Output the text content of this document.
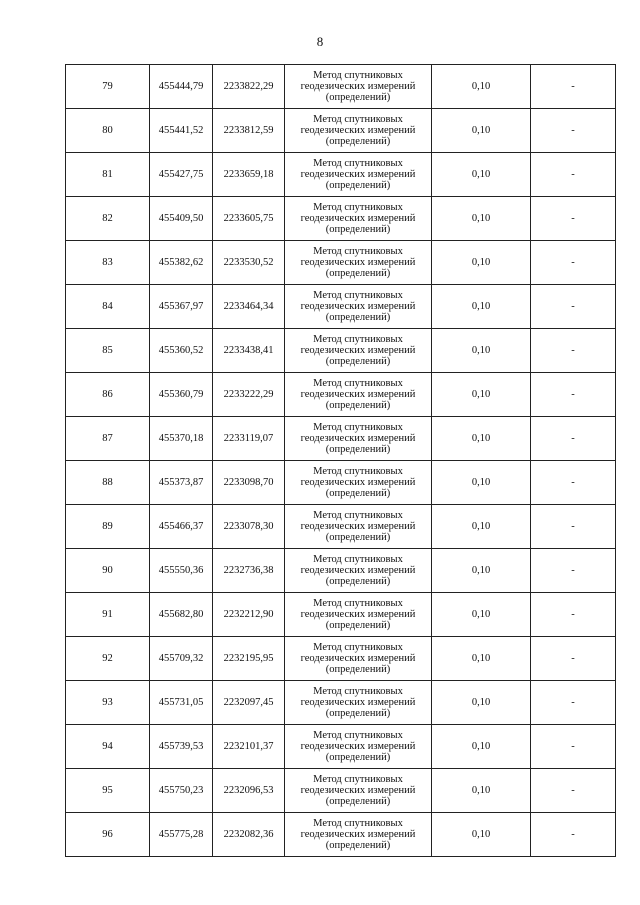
8
79	455444,79	2233822,29	Метод спутниковых
геодезических измерений
(определений)	0,10	-
80	455441,52	2233812,59	Метод спутниковых
геодезических измерений
(определений)	0,10	-
81	455427,75	2233659,18	Метод спутниковых
геодезических измерений
(определений)	0,10	-
82	455409,50	2233605,75	Метод спутниковых
геодезических измерений
(определений)	0,10	-
83	455382,62	2233530,52	Метод спутниковых
геодезических измерений
(определений)	0,10	-
84	455367,97	2233464,34	Метод спутниковых
геодезических измерений
(определений)	0,10	-
85	455360,52	2233438,41	Метод спутниковых
геодезических измерений
(определений)	0,10	-
86	455360,79	2233222,29	Метод спутниковых
геодезических измерений
(определений)	0,10	-
87	455370,18	2233119,07	Метод спутниковых
геодезических измерений
(определений)	0,10	-
88	455373,87	2233098,70	Метод спутниковых
геодезических измерений
(определений)	0,10	-
89	455466,37	2233078,30	Метод спутниковых
геодезических измерений
(определений)	0,10	-
90	455550,36	2232736,38	Метод спутниковых
геодезических измерений
(определений)	0,10	-
91	455682,80	2232212,90	Метод спутниковых
геодезических измерений
(определений)	0,10	-
92	455709,32	2232195,95	Метод спутниковых
геодезических измерений
(определений)	0,10	-
93	455731,05	2232097,45	Метод спутниковых
геодезических измерений
(определений)	0,10	-
94	455739,53	2232101,37	Метод спутниковых
геодезических измерений
(определений)	0,10	-
95	455750,23	2232096,53	Метод спутниковых
геодезических измерений
(определений)	0,10	-
96	455775,28	2232082,36	Метод спутниковых
геодезических измерений
(определений)	0,10	-
